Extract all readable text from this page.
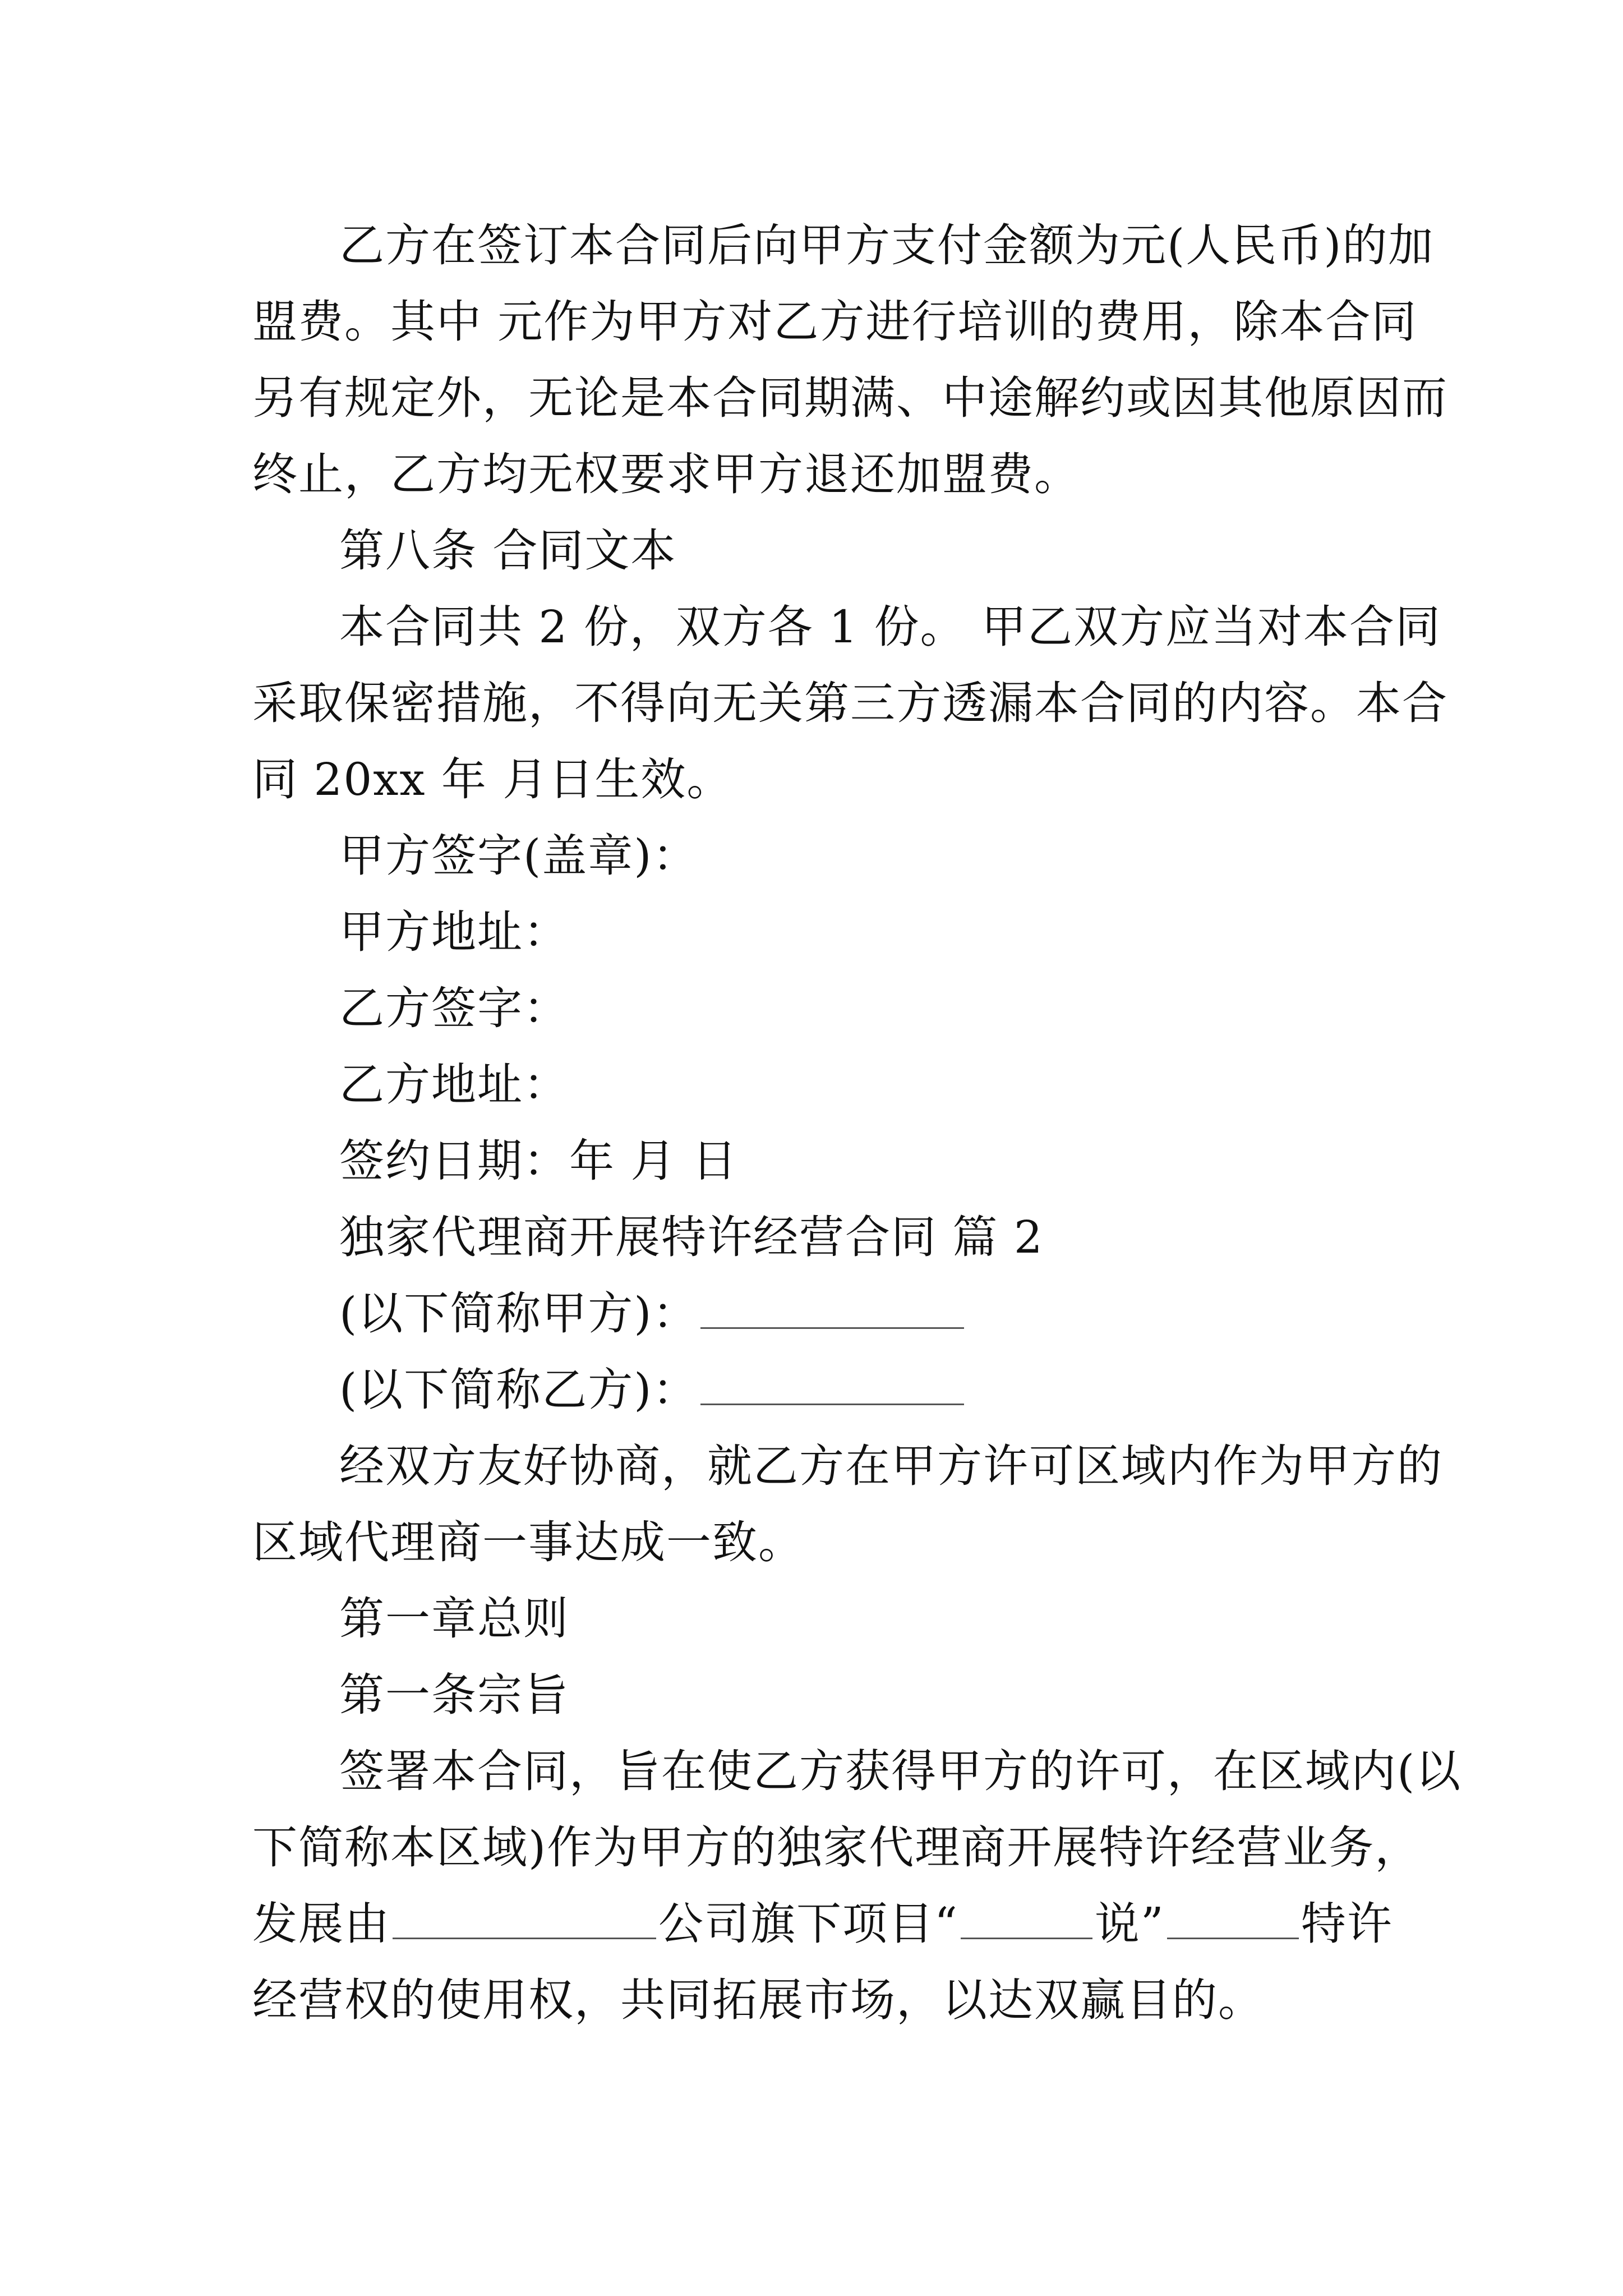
乙方在签订本合同后向甲方支付金额为元(人民币)的加
盟费。其中 元作为甲方对乙方进行培训的费用，除本合同
另有规定外，无论是本合同期满、中途解约或因其他原因而
终止，乙方均无权要求甲方退还加盟费。
第八条 合同文本
本合同共 2 份，双方各 1 份。 甲乙双方应当对本合同
采取保密措施，不得向无关第三方透漏本合同的内容。本合
同 20xx 年 月日生效。
甲方签字(盖章)：
甲方地址：
乙方签字：
乙方地址：
签约日期：年 月 日
独家代理商开展特许经营合同 篇 2
(以下简称甲方)：
(以下简称乙方)：
经双方友好协商，就乙方在甲方许可区域内作为甲方的
区域代理商一事达成一致。
第一章总则
第一条宗旨
签署本合同，旨在使乙方获得甲方的许可，在区域内(以
下简称本区域)作为甲方的独家代理商开展特许经营业务，
发展由	公司旗下项目“	说”	特许
经营权的使用权，共同拓展市场，以达双赢目的。
